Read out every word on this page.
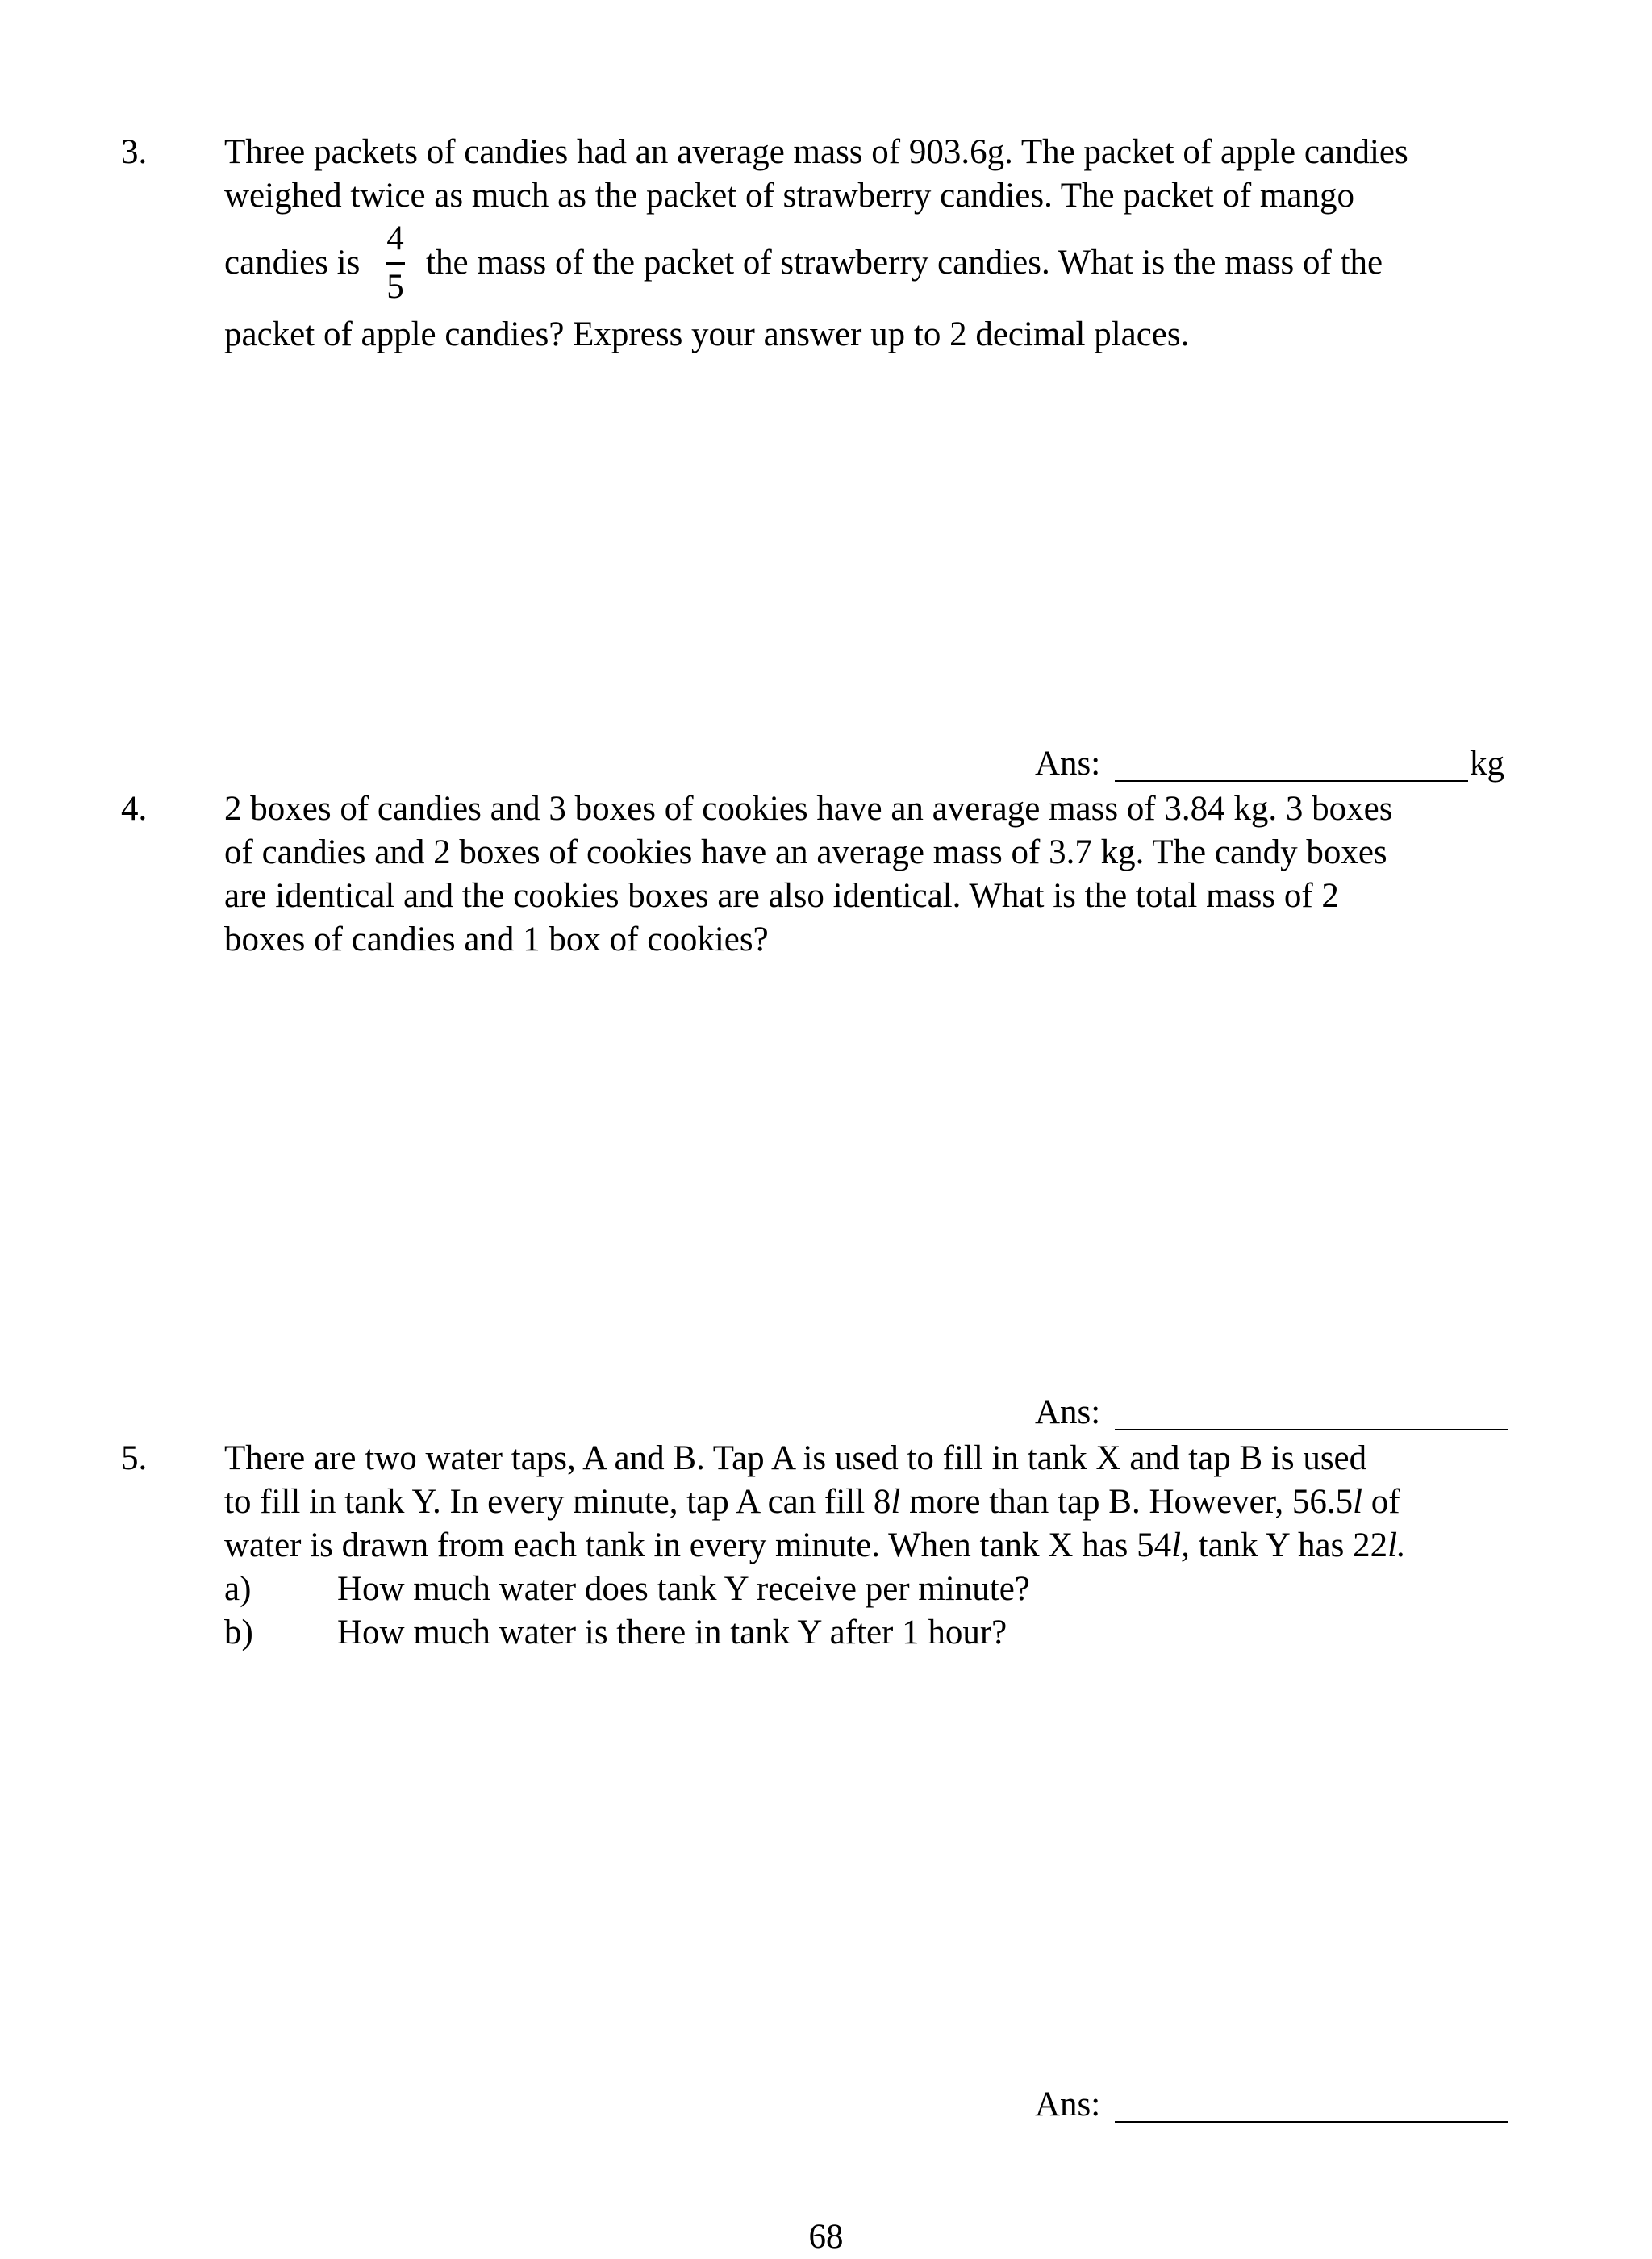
3. Three packets of candies had an average mass of 903.6g. The packet of apple candies
weighed twice as much as the packet of strawberry candies. The packet of mango
candies is
4
5
the mass of the packet of strawberry candies. What is the mass of the
packet of apple candies? Express your answer up to 2 decimal places.
Ans:	kg
4. 2 boxes of candies and 3 boxes of cookies have an average mass of 3.84 kg. 3 boxes
of candies and 2 boxes of cookies have an average mass of 3.7 kg. The candy boxes
are identical and the cookies boxes are also identical. What is the total mass of 2
boxes of candies and 1 box of cookies?
Ans:
5. There are two water taps, A and B. Tap A is used to fill in tank X and tap B is used
to fill in tank Y. In every minute, tap A can fill 8l more than tap B. However, 56.5l of
water is drawn from each tank in every minute. When tank X has 54l, tank Y has 22l.
a) How much water does tank Y receive per minute?
b) How much water is there in tank Y after 1 hour?
Ans:
68
